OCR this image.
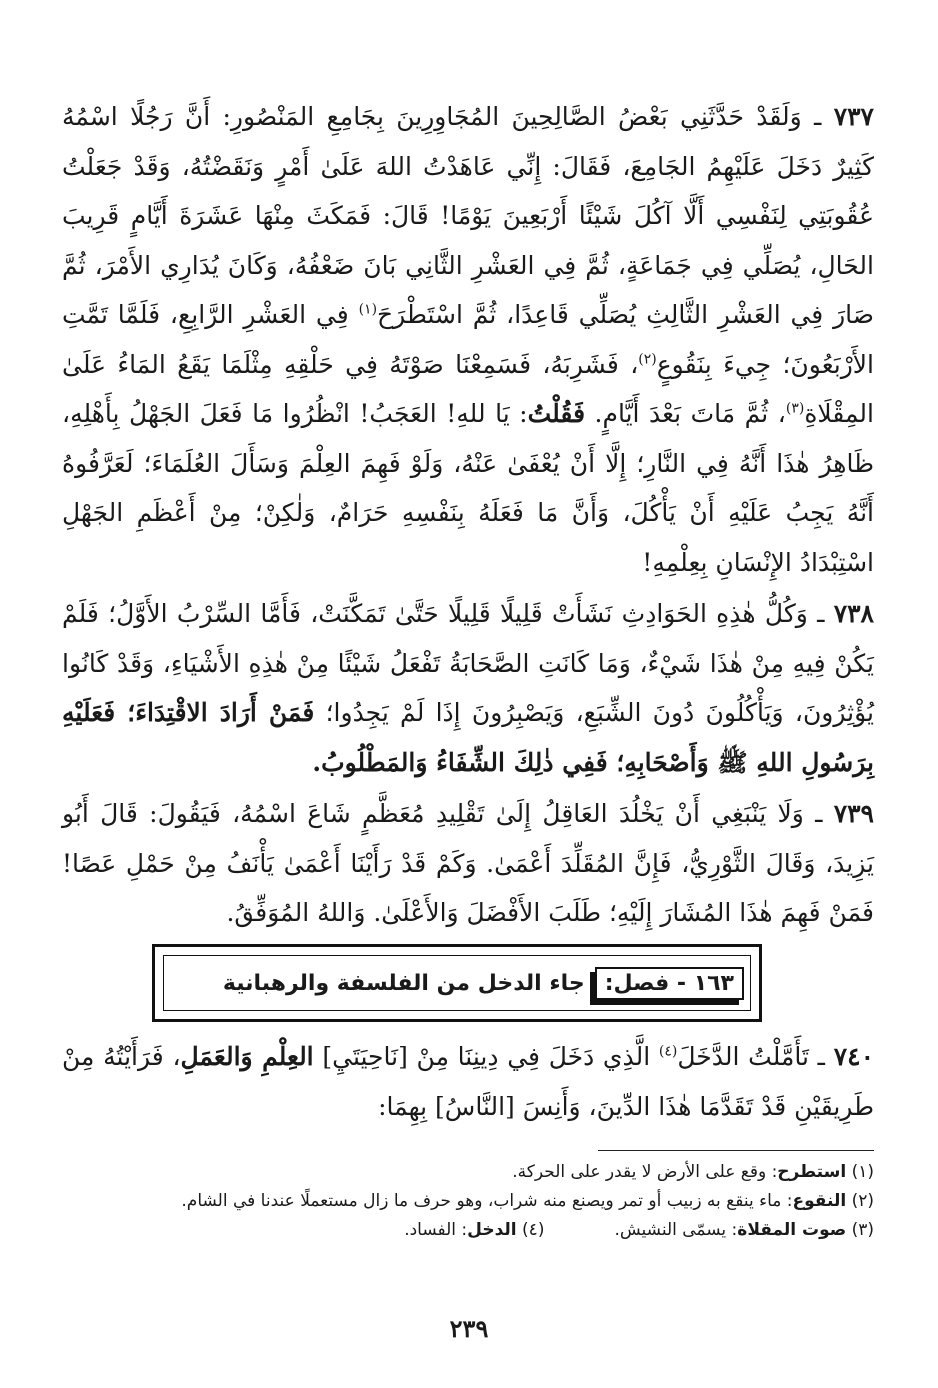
٧٣٧ ـ وَلَقَدْ حَدَّثَنِي بَعْضُ الصَّالِحِينَ المُجَاوِرِينَ بِجَامِعِ المَنْصُورِ: أَنَّ رَجُلًا اسْمُهُ كَثِيرٌ دَخَلَ عَلَيْهِمُ الجَامِعَ، فَقَالَ: إِنِّي عَاهَدْتُ اللهَ عَلَىٰ أَمْرٍ وَنَقَضْتُهُ، وَقَدْ جَعَلْتُ عُقُوبَتِي لِنَفْسِي أَلَّا آكُلَ شَيْئًا أَرْبَعِينَ يَوْمًا! قَالَ: فَمَكَثَ مِنْهَا عَشَرَةَ أَيَّامٍ قَرِيبَ الحَالِ، يُصَلِّي فِي جَمَاعَةٍ، ثُمَّ فِي العَشْرِ الثَّانِي بَانَ ضَعْفُهُ، وَكَانَ يُدَارِي الأَمْرَ، ثُمَّ صَارَ فِي العَشْرِ الثَّالِثِ يُصَلِّي قَاعِدًا، ثُمَّ اسْتَطْرَحَ$^{(١)}$ فِي العَشْرِ الرَّابِعِ، فَلَمَّا تَمَّتِ الأَرْبَعُونَ؛ جِيءَ بِنَقُوعٍ$^{(٢)}$، فَشَرِبَهُ، فَسَمِعْنَا صَوْتَهُ فِي حَلْقِهِ مِثْلَمَا يَقَعُ المَاءُ عَلَىٰ المِقْلَاةِ$^{(٣)}$، ثُمَّ مَاتَ بَعْدَ أَيَّامٍ. فَقُلْتُ: يَا للهِ! العَجَبُ! انْظُرُوا مَا فَعَلَ الجَهْلُ بِأَهْلِهِ، ظَاهِرُ هٰذَا أَنَّهُ فِي النَّارِ؛ إِلَّا أَنْ يُعْفَىٰ عَنْهُ، وَلَوْ فَهِمَ العِلْمَ وَسَأَلَ العُلَمَاءَ؛ لَعَرَّفُوهُ أَنَّهُ يَجِبُ عَلَيْهِ أَنْ يَأْكُلَ، وَأَنَّ مَا فَعَلَهُ بِنَفْسِهِ حَرَامٌ، وَلٰكِنْ؛ مِنْ أَعْظَمِ الجَهْلِ اسْتِبْدَادُ الإِنْسَانِ بِعِلْمِهِ!

٧٣٨ ـ وَكُلُّ هٰذِهِ الحَوَادِثِ نَشَأَتْ قَلِيلًا قَلِيلًا حَتَّىٰ تَمَكَّنَتْ، فَأَمَّا السِّرْبُ الأَوَّلُ؛ فَلَمْ يَكُنْ فِيهِ مِنْ هٰذَا شَيْءٌ، وَمَا كَانَتِ الصَّحَابَةُ تَفْعَلُ شَيْئًا مِنْ هٰذِهِ الأَشْيَاءِ، وَقَدْ كَانُوا يُؤْثِرُونَ، وَيَأْكُلُونَ دُونَ الشِّبَعِ، وَيَصْبِرُونَ إِذَا لَمْ يَجِدُوا؛ فَمَنْ أَرَادَ الاقْتِدَاءَ؛ فَعَلَيْهِ بِرَسُولِ اللهِ ﷺ وَأَصْحَابِهِ؛ فَفِي ذٰلِكَ الشِّفَاءُ وَالمَطْلُوبُ.

٧٣٩ ـ وَلَا يَنْبَغِي أَنْ يَخْلُدَ العَاقِلُ إِلَىٰ تَقْلِيدِ مُعَظَّمٍ شَاعَ اسْمُهُ، فَيَقُولَ: قَالَ أَبُو يَزِيدَ، وَقَالَ الثَّوْرِيُّ، فَإِنَّ المُقَلِّدَ أَعْمَىٰ. وَكَمْ قَدْ رَأَيْنَا أَعْمَىٰ يَأْنَفُ مِنْ حَمْلِ عَصًا! فَمَنْ فَهِمَ هٰذَا المُشَارَ إِلَيْهِ؛ طَلَبَ الأَفْضَلَ وَالأَعْلَىٰ. وَاللهُ المُوَفِّقُ.

١٦٣ - فصل:
جاء الدخل من الفلسفة والرهبانية

٧٤٠ ـ تَأَمَّلْتُ الدَّخَلَ$^{(٤)}$ الَّذِي دَخَلَ فِي دِينِنَا مِنْ [نَاحِيَتَيِ] العِلْمِ وَالعَمَلِ، فَرَأَيْتُهُ مِنْ طَرِيقَيْنِ قَدْ تَقَدَّمَا هٰذَا الدِّينَ، وَأَنِسَ [النَّاسُ] بِهِمَا:

(١) استطرح: وقع على الأرض لا يقدر على الحركة.

(٢) النقوع: ماء ينقع به زبيب أو تمر ويصنع منه شراب، وهو حرف ما زال مستعملًا عندنا في الشام.

(٣) صوت المقلاة: يسمّى النشيش.

(٤) الدخل: الفساد.

٢٣٩
